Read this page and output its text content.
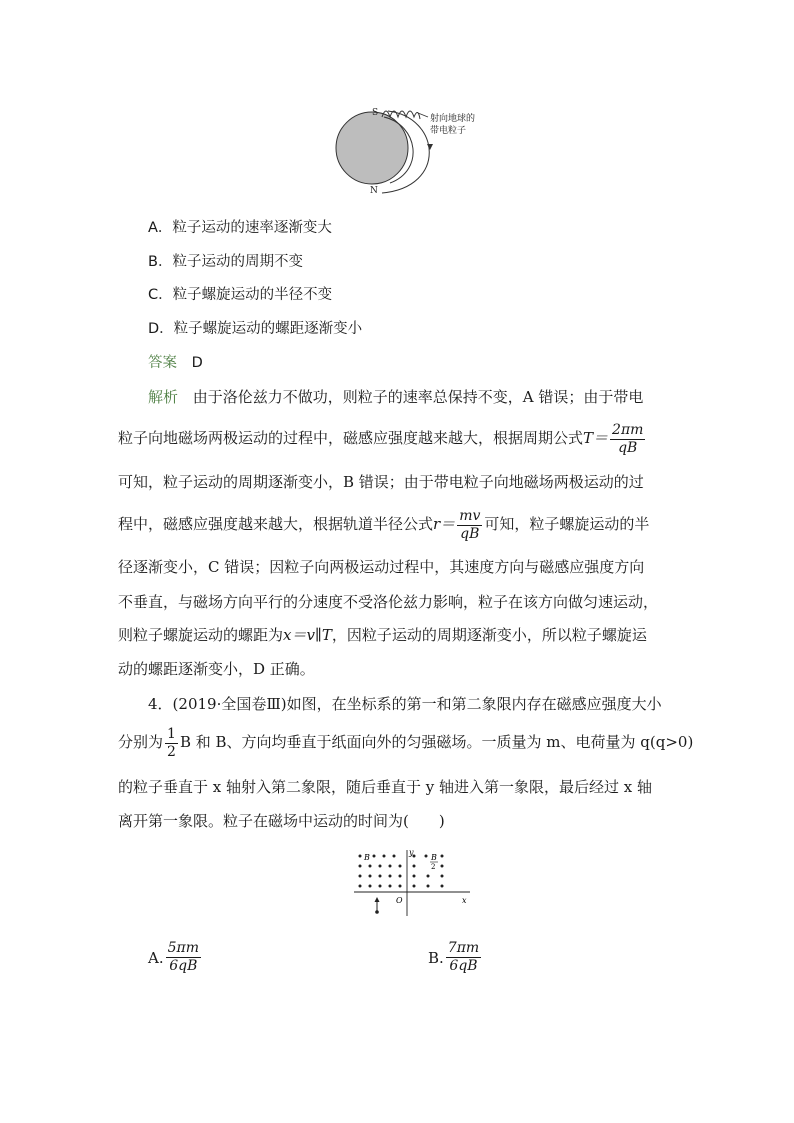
S
N
射向地球的
带电粒子
A．粒子运动的速率逐渐变大
B．粒子运动的周期不变
C．粒子螺旋运动的半径不变
D．粒子螺旋运动的螺距逐渐变小
答案 D
解析 由于洛伦兹力不做功，则粒子的速率总保持不变，A 错误；由于带电
粒子向地磁场两极运动的过程中，磁感应强度越来越大，根据周期公式$T= \frac{2\pi m}{qB}$
可知，粒子运动的周期逐渐变小，B 错误；由于带电粒子向地磁场两极运动的过
程中，磁感应强度越来越大，根据轨道半径公式$r= \frac{mv}{qB}$ 可知，粒子螺旋运动的半
径逐渐变小，C 错误；因粒子向两极运动过程中，其速度方向与磁感应强度方向
不垂直，与磁场方向平行的分速度不受洛伦兹力影响，粒子在该方向做匀速运动，
则粒子螺旋运动的螺距为x＝v∥T，因粒子运动的周期逐渐变小，所以粒子螺旋运
动的螺距逐渐变小，D 正确。
4．(2019·全国卷Ⅲ)如图，在坐标系的第一和第二象限内存在磁感应强度大小
分别为 $\frac{1}{2}$ B 和 B、方向均垂直于纸面向外的匀强磁场。一质量为 m、电荷量为 q(q>0)
的粒子垂直于 x 轴射入第二象限，随后垂直于 y 轴进入第一象限，最后经过 x 轴
离开第一象限。粒子在磁场中运动的时间为(　　)
B	B
2
y
x
O
A. $\frac{5\pi m}{6qB}$	B. $\frac{7\pi m}{6qB}$
